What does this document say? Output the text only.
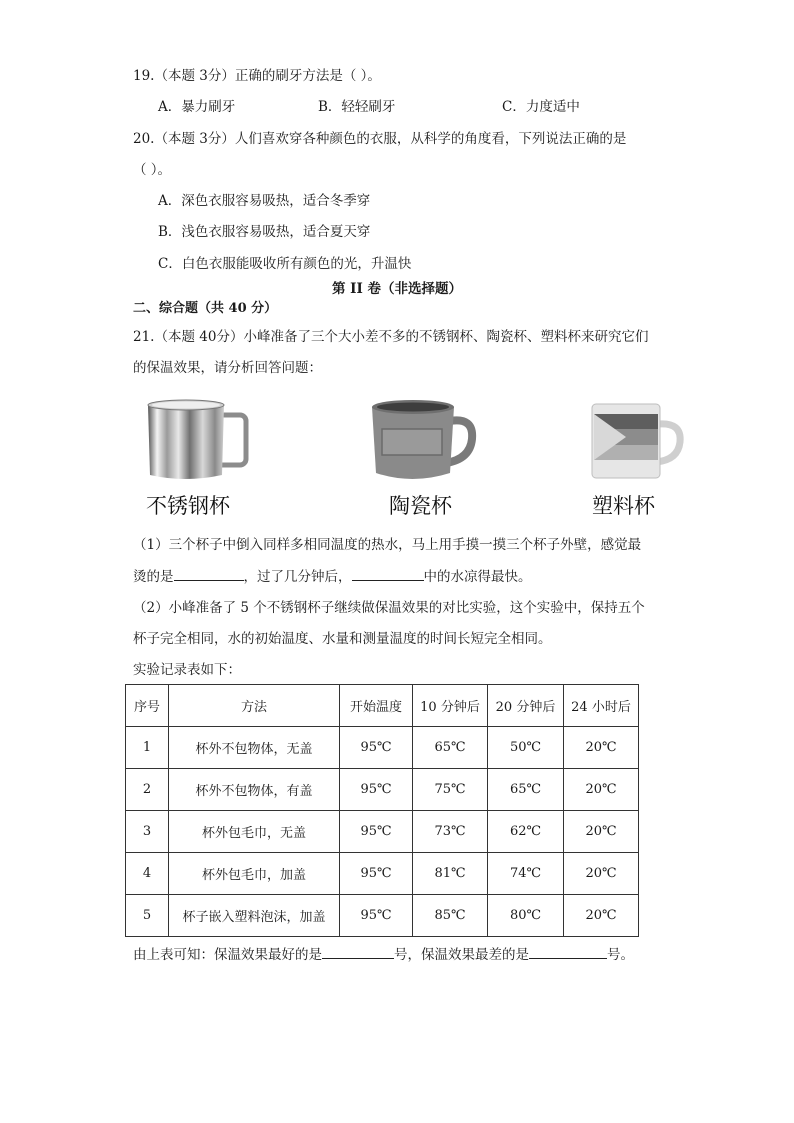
19.（本题 3分）正确的刷牙方法是（ ）。
A．暴力刷牙	B．轻轻刷牙	C．力度适中
20.（本题 3分）人们喜欢穿各种颜色的衣服，从科学的角度看，下列说法正确的是
（ ）。
A．深色衣服容易吸热，适合冬季穿
B．浅色衣服容易吸热，适合夏天穿
C．白色衣服能吸收所有颜色的光，升温快
第 II 卷（非选择题）
二、综合题（共 40 分）
21.（本题 40分）小峰准备了三个大小差不多的不锈钢杯、陶瓷杯、塑料杯来研究它们
的保温效果，请分析回答问题：
不锈钢杯	陶瓷杯	塑料杯
（1）三个杯子中倒入同样多相同温度的热水，马上用手摸一摸三个杯子外壁，感觉最
烫的是	，过了几分钟后，	中的水凉得最快。
（2）小峰准备了 5 个不锈钢杯子继续做保温效果的对比实验，这个实验中，保持五个
杯子完全相同，水的初始温度、水量和测量温度的时间长短完全相同。
实验记录表如下：
序号	方法	开始温度	10 分钟后	20 分钟后	24 小时后
1	杯外不包物体，无盖	95℃	65℃	50℃	20℃
2	杯外不包物体，有盖	95℃	75℃	65℃	20℃
3	杯外包毛巾，无盖	95℃	73℃	62℃	20℃
4	杯外包毛巾，加盖	95℃	81℃	74℃	20℃
5	杯子嵌入塑料泡沫，加盖	95℃	85℃	80℃	20℃
由上表可知：保温效果最好的是	号，保温效果最差的是	号。
